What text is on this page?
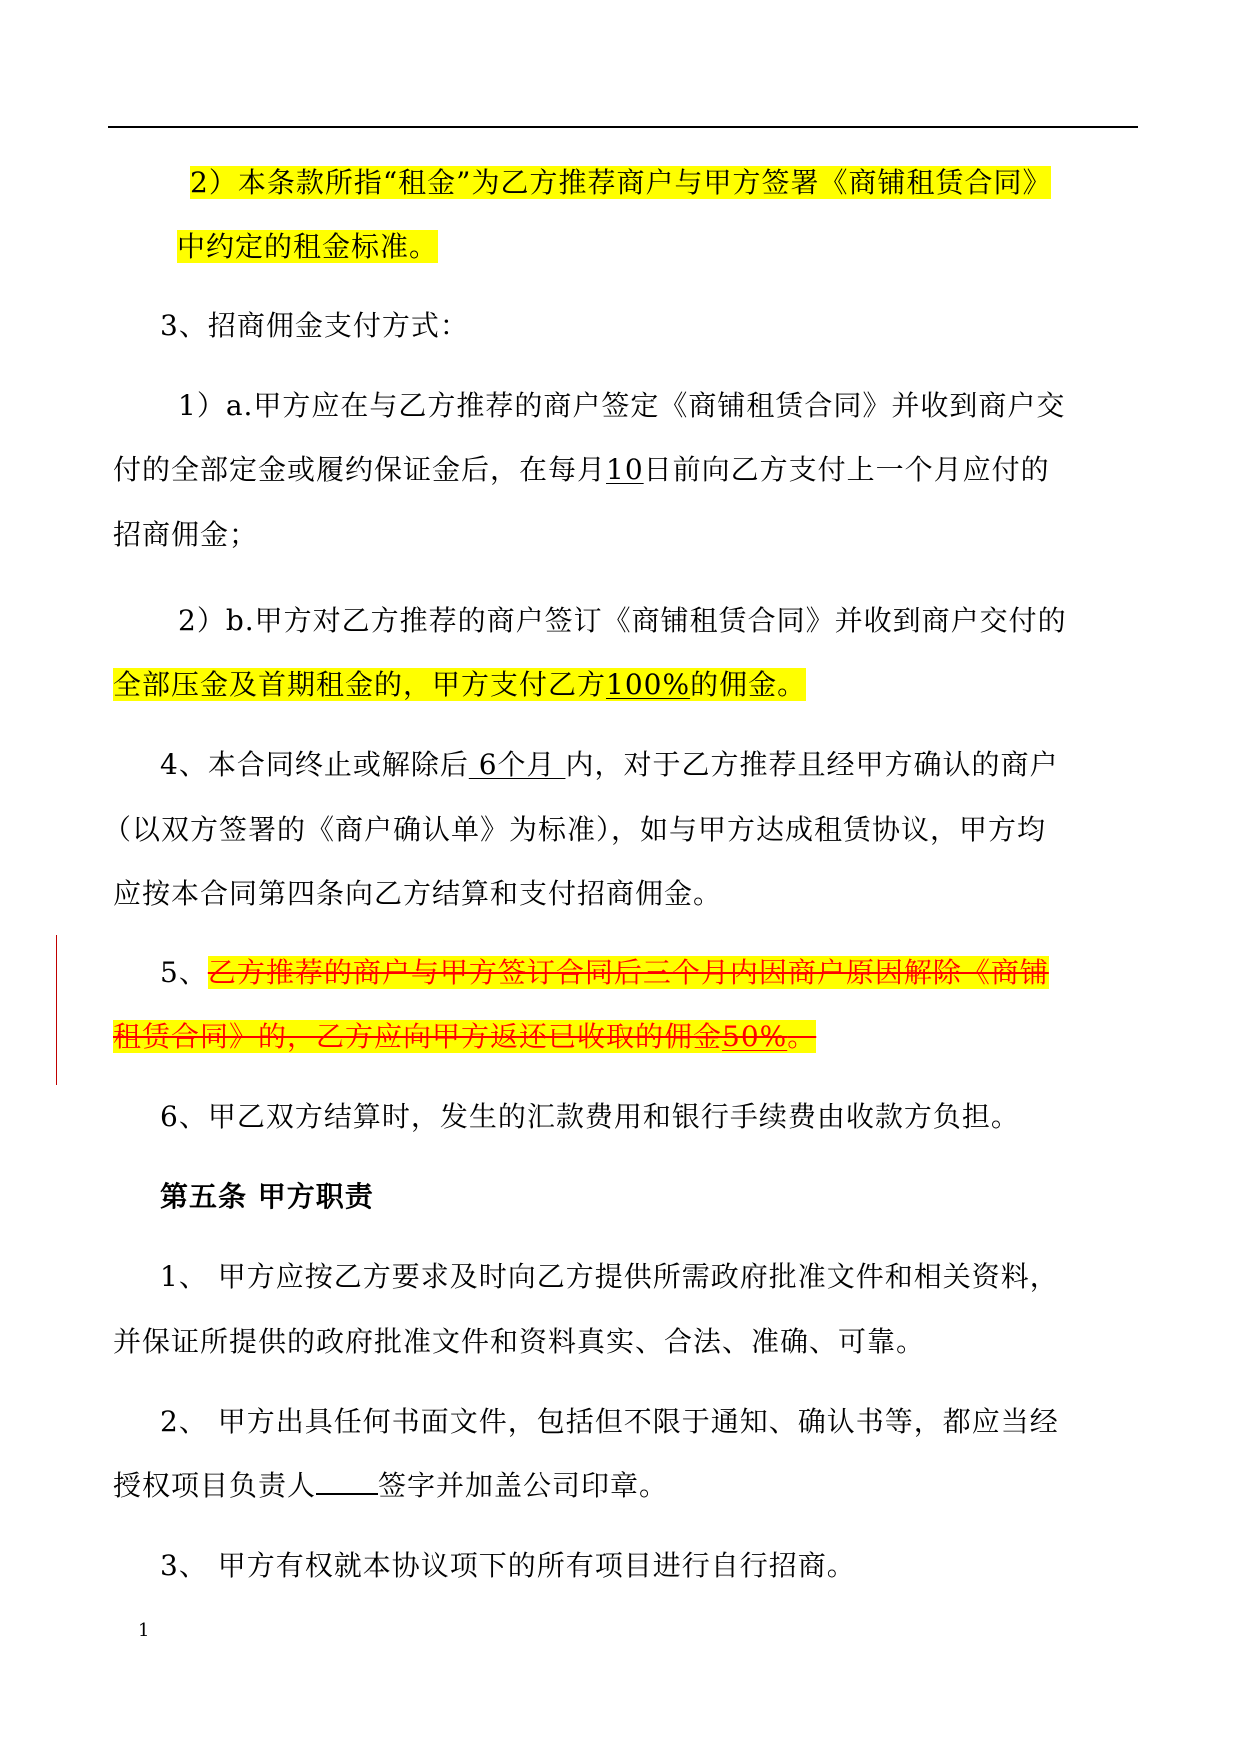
2）本条款所指“租金”为乙方推荐商户与甲方签署《商铺租赁合同》
中约定的租金标准。
3、招商佣金支付方式：
1）a.甲方应在与乙方推荐的商户签定《商铺租赁合同》并收到商户交
付的全部定金或履约保证金后，在每月10日前向乙方支付上一个月应付的
招商佣金；
2）b.甲方对乙方推荐的商户签订《商铺租赁合同》并收到商户交付的
全部压金及首期租金的，甲方支付乙方100%的佣金。
4、本合同终止或解除后 6个月 内，对于乙方推荐且经甲方确认的商户
（以双方签署的《商户确认单》为标准），如与甲方达成租赁协议，甲方均
应按本合同第四条向乙方结算和支付招商佣金。
5、乙方推荐的商户与甲方签订合同后三个月内因商户原因解除《商铺
租赁合同》的，乙方应向甲方返还已收取的佣金50%。
6、甲乙双方结算时，发生的汇款费用和银行手续费由收款方负担。
第五条 甲方职责
1、 甲方应按乙方要求及时向乙方提供所需政府批准文件和相关资料，
并保证所提供的政府批准文件和资料真实、合法、准确、可靠。
2、 甲方出具任何书面文件，包括但不限于通知、确认书等，都应当经
授权项目负责人 签字并加盖公司印章。
3、 甲方有权就本协议项下的所有项目进行自行招商。
1
